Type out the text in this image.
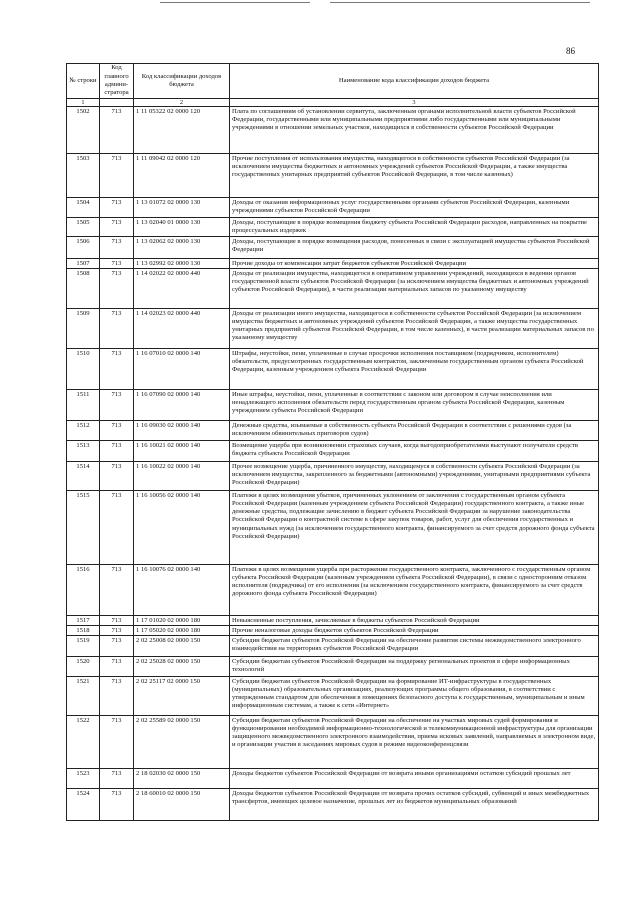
86
№ строки	Код главного админи-стратора	Код классификации доходов бюджета	Наименование кода классификации доходов бюджета
1		2	3
1502	713	1 11 05322 02 0000 120	Плата по соглашениям об установлении сервитута, заключенным органами исполнительной власти субъектов Российской Федерации, государственными или муниципальными предприятиями либо государственными или муниципальными учреждениями в отношении земельных участков, находящихся в собственности субъектов Российской Федерации
1503	713	1 11 09042 02 0000 120	Прочие поступления от использования имущества, находящегося в собственности субъектов Российской Федерации (за исключением имущества бюджетных и автономных учреждений субъектов Российской Федерации, а также имущества государственных унитарных предприятий субъектов Российской Федерации, в том числе казенных)
1504	713	1 13 01072 02 0000 130	Доходы от оказания информационных услуг государственными органами субъектов Российской Федерации, казенными учреждениями субъектов Российской Федерации
1505	713	1 13 02040 01 0000 130	Доходы, поступающие в порядке возмещения бюджету субъекта Российской Федерации расходов, направленных на покрытие процессуальных издержек
1506	713	1 13 02062 02 0000 130	Доходы, поступающие в порядке возмещения расходов, понесенных в связи с эксплуатацией имущества субъектов Российской Федерации
1507	713	1 13 02992 02 0000 130	Прочие доходы от компенсации затрат бюджетов субъектов Российской Федерации
1508	713	1 14 02022 02 0000 440	Доходы от реализации имущества, находящегося в оперативном управлении учреждений, находящихся в ведении органов государственной власти субъектов Российской Федерации (за исключением имущества бюджетных и автономных учреждений субъектов Российской Федерации), в части реализации материальных запасов по указанному имуществу
1509	713	1 14 02023 02 0000 440	Доходы от реализации иного имущества, находящегося в собственности субъектов Российской Федерации (за исключением имущества бюджетных и автономных учреждений субъектов Российской Федерации, а также имущества государственных унитарных предприятий субъектов Российской Федерации, в том числе казенных), в части реализации материальных запасов по указанному имуществу
1510	713	1 16 07010 02 0000 140	Штрафы, неустойки, пени, уплаченные в случае просрочки исполнения поставщиком (подрядчиком, исполнителем) обязательств, предусмотренных государственным контрактом, заключенным государственным органом субъекта Российской Федерации, казенным учреждением субъекта Российской Федерации
1511	713	1 16 07090 02 0000 140	Иные штрафы, неустойки, пени, уплаченные в соответствии с законом или договором в случае неисполнения или ненадлежащего исполнения обязательств перед государственным органом субъекта Российской Федерации, казенным учреждением субъекта Российской Федерации
1512	713	1 16 09030 02 0000 140	Денежные средства, изымаемые в собственность субъекта Российской Федерации в соответствии с решениями судов (за исключением обвинительных приговоров судов)
1513	713	1 16 10021 02 0000 140	Возмещение ущерба при возникновении страховых случаев, когда выгодоприобретателями выступают получатели средств бюджета субъекта Российской Федерации
1514	713	1 16 10022 02 0000 140	Прочее возмещение ущерба, причиненного имуществу, находящемуся в собственности субъекта Российской Федерации (за исключением имущества, закрепленного за бюджетными (автономными) учреждениями, унитарными предприятиями субъекта Российской Федерации)
1515	713	1 16 10056 02 0000 140	Платежи в целях возмещения убытков, причиненных уклонением от заключения с государственным органом субъекта Российской Федерации (казенным учреждением субъекта Российской Федерации) государственного контракта, а также иные денежные средства, подлежащие зачислению в бюджет субъекта Российской Федерации за нарушение законодательства Российской Федерации о контрактной системе в сфере закупок товаров, работ, услуг для обеспечения государственных и муниципальных нужд (за исключением государственного контракта, финансируемого за счет средств дорожного фонда субъекта Российской Федерации)
1516	713	1 16 10076 02 0000 140	Платежи в целях возмещения ущерба при расторжении государственного контракта, заключенного с государственным органом субъекта Российской Федерации (казенным учреждением субъекта Российской Федерации), в связи с односторонним отказом исполнителя (подрядчика) от его исполнения (за исключением государственного контракта, финансируемого за счет средств дорожного фонда субъекта Российской Федерации)
1517	713	1 17 01020 02 0000 180	Невыясненные поступления, зачисляемые в бюджеты субъектов Российской Федерации
1518	713	1 17 05020 02 0000 180	Прочие неналоговые доходы бюджетов субъектов Российской Федерации
1519	713	2 02 25008 02 0000 150	Субсидии бюджетам субъектов Российской Федерации на обеспечение развития системы межведомственного электронного взаимодействия на территориях субъектов Российской Федерации
1520	713	2 02 25028 02 0000 150	Субсидии бюджетам субъектов Российской Федерации на поддержку региональных проектов в сфере информационных технологий
1521	713	2 02 25117 02 0000 150	Субсидии бюджетам субъектов Российской Федерации на формирование ИТ-инфраструктуры в государственных (муниципальных) образовательных организациях, реализующих программы общего образования, в соответствии с утвержденным стандартом для обеспечения в помещениях безопасного доступа к государственным, муниципальным и иным информационным системам, а также к сети «Интернет»
1522	713	2 02 25589 02 0000 150	Субсидии бюджетам субъектов Российской Федерации на обеспечение на участках мировых судей формирования и функционирования необходимой информационно-технологической и телекоммуникационной инфраструктуры для организации защищенного межведомственного электронного взаимодействия, приема исковых заявлений, направляемых в электронном виде, и организации участия в заседаниях мировых судов в режиме видеоконференцсвязи
1523	713	2 18 02030 02 0000 150	Доходы бюджетов субъектов Российской Федерации от возврата иными организациями остатков субсидий прошлых лет
1524	713	2 18 60010 02 0000 150	Доходы бюджетов субъектов Российской Федерации от возврата прочих остатков субсидий, субвенций и иных межбюджетных трансфертов, имеющих целевое назначение, прошлых лет из бюджетов муниципальных образований
